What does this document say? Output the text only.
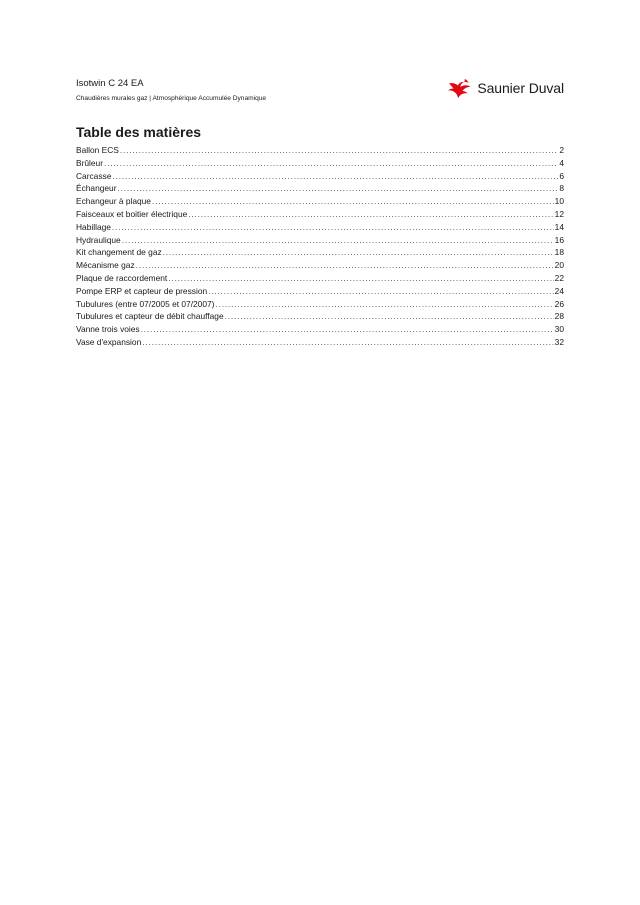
Isotwin C 24 EA
Chaudières murales gaz | Atmosphérique Accumulée Dynamique
Saunier Duval
Table des matières
Ballon ECS .....	2
Brûleur .....	4
Carcasse .....	6
Échangeur .....	8
Echangeur à plaque .....	10
Faisceaux et boitier électrique .....	12
Habillage .....	14
Hydraulique .....	16
Kit changement de gaz .....	18
Mécanisme gaz .....	20
Plaque de raccordement .....	22
Pompe ERP et capteur de pression .....	24
Tubulures (entre 07/2005 et 07/2007) .....	26
Tubulures et capteur de débit chauffage .....	28
Vanne trois voies .....	30
Vase d'expansion .....	32
